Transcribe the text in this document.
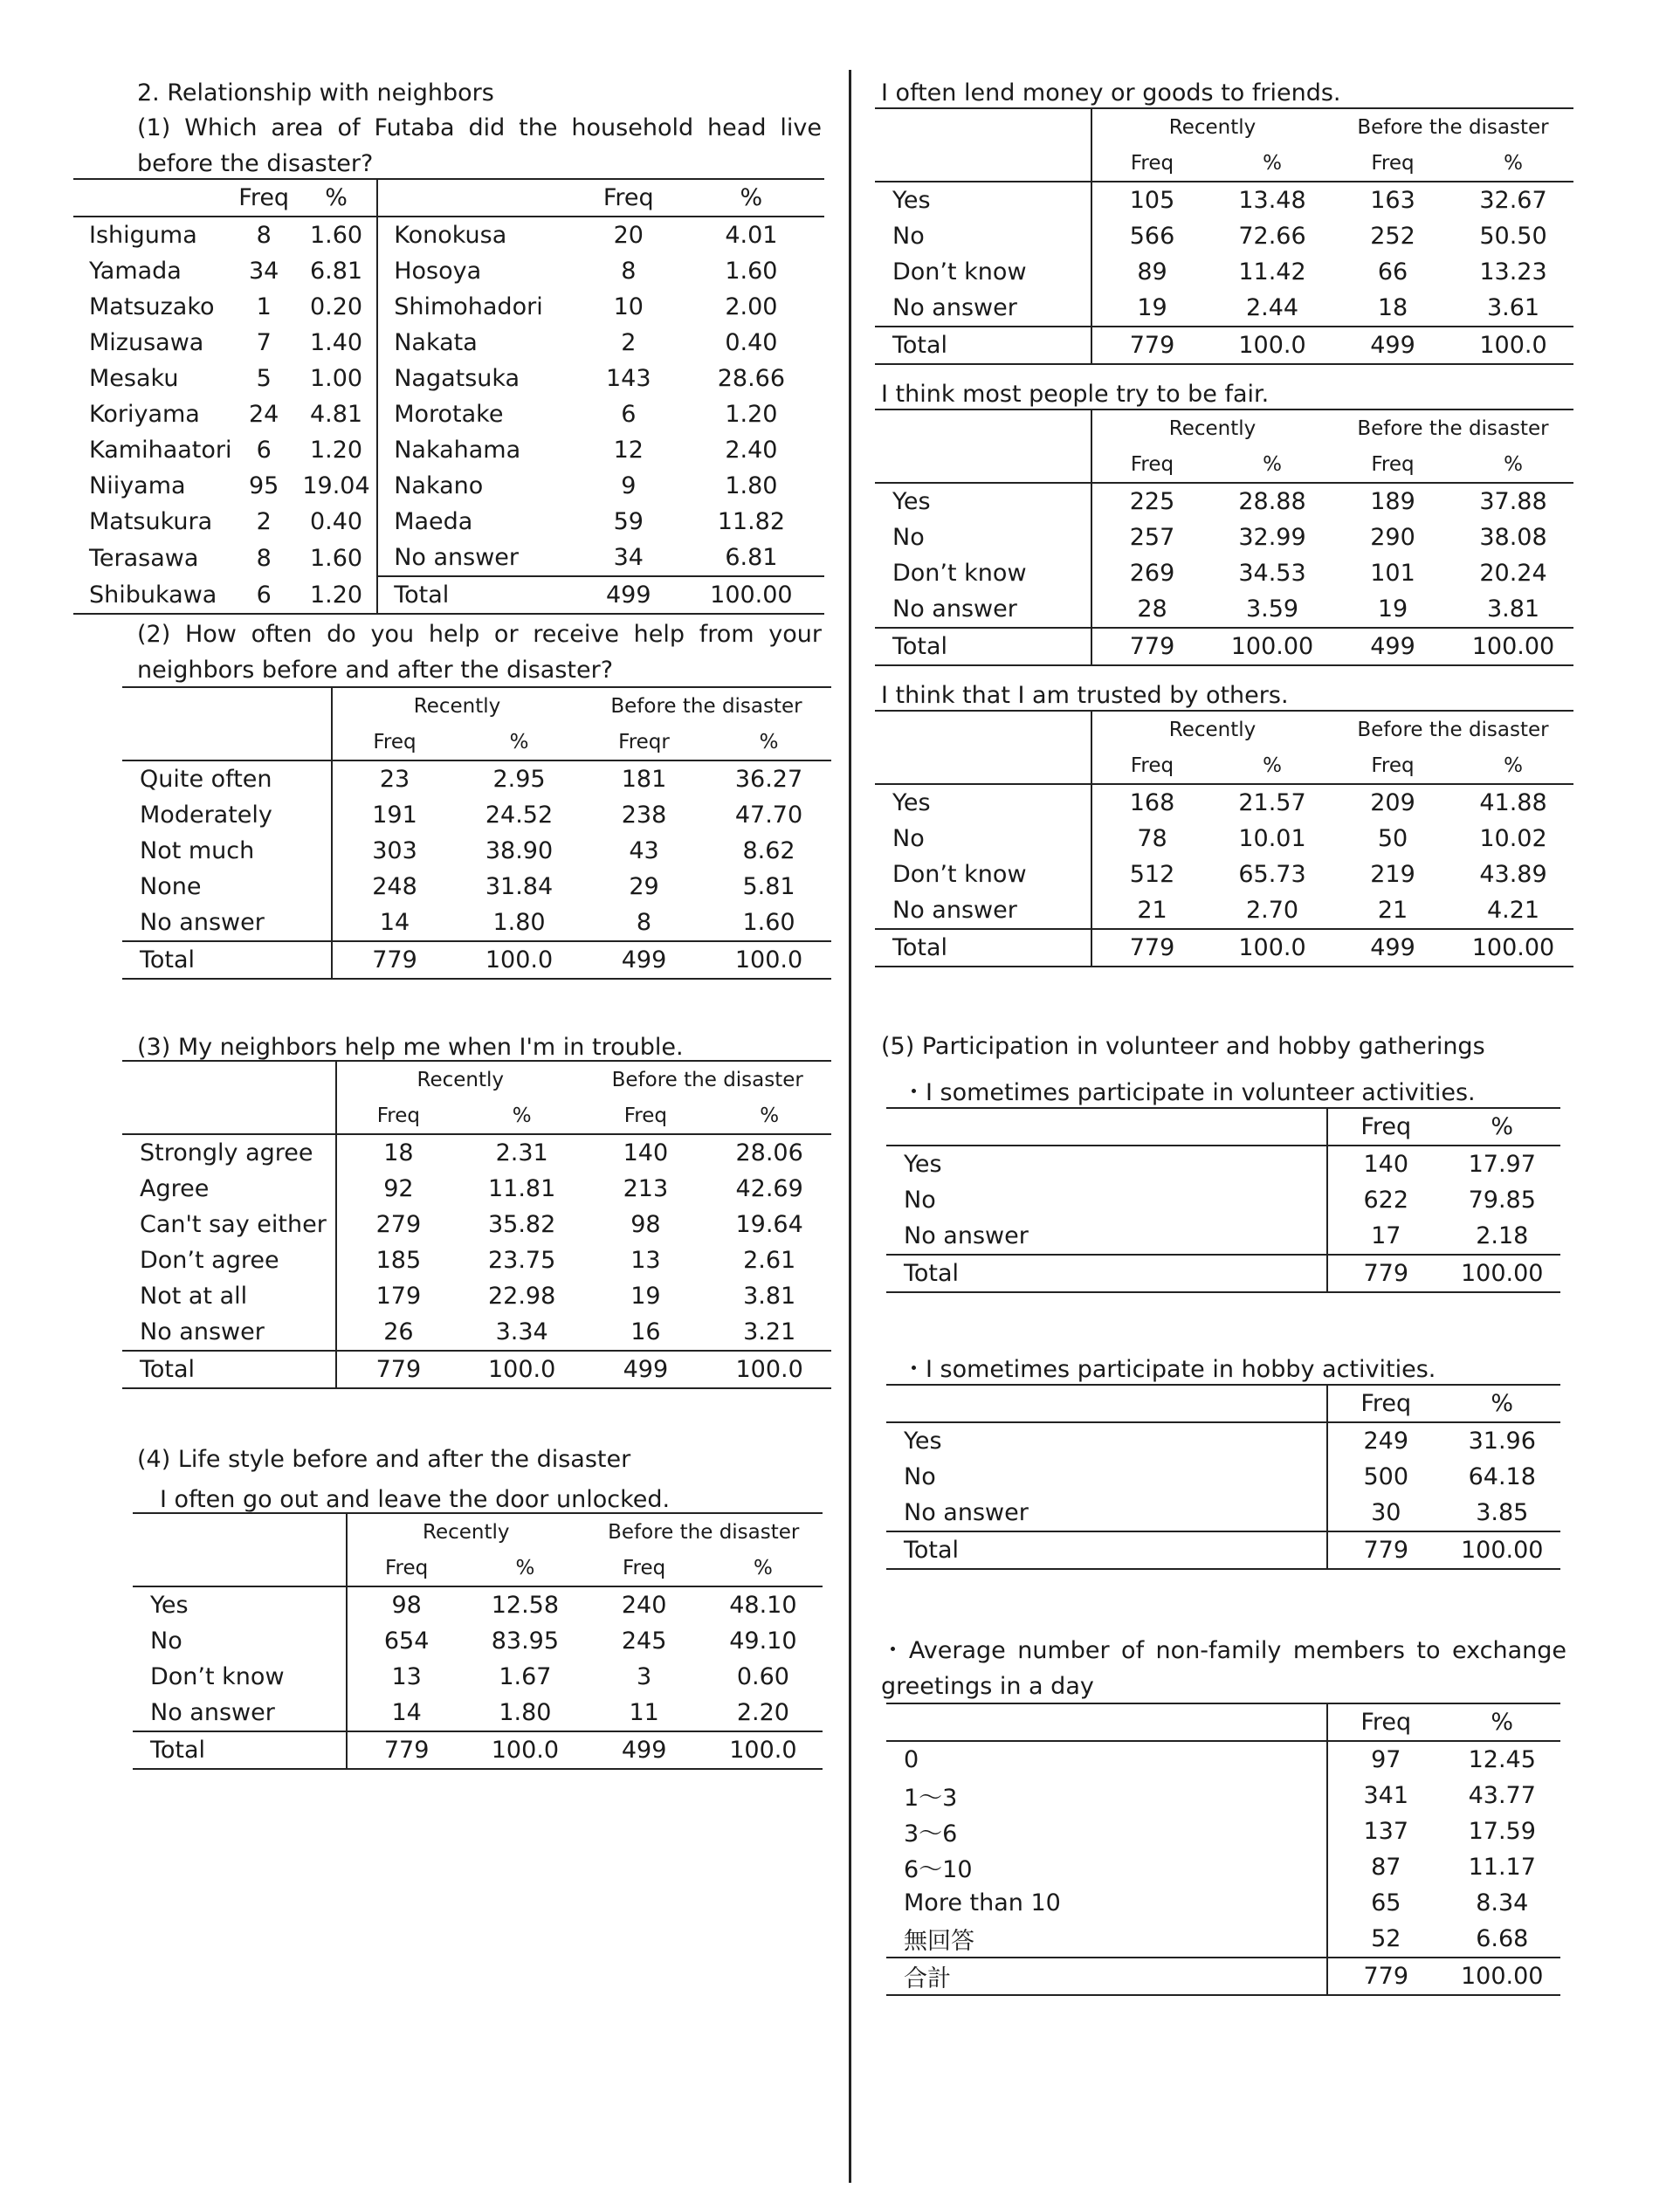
2. Relationship with neighbors
(1) Which area of Futaba did the household head live before the disaster?
	Freq	%		Freq	%
Ishiguma	8	1.60	Konokusa	20	4.01
Yamada	34	6.81	Hosoya	8	1.60
Matsuzako	1	0.20	Shimohadori	10	2.00
Mizusawa	7	1.40	Nakata	2	0.40
Mesaku	5	1.00	Nagatsuka	143	28.66
Koriyama	24	4.81	Morotake	6	1.20
Kamihaatori	6	1.20	Nakahama	12	2.40
Niiyama	95	19.04	Nakano	9	1.80
Matsukura	2	0.40	Maeda	59	11.82
Terasawa	8	1.60	No answer	34	6.81
Shibukawa	6	1.20	Total	499	100.00
(2) How often do you help or receive help from your neighbors before and after the disaster?
	Recently		Before the disaster	
	Freq	%	Freqr	%
Quite often	23	2.95	181	36.27
Moderately	191	24.52	238	47.70
Not much	303	38.90	43	8.62
None	248	31.84	29	5.81
No answer	14	1.80	8	1.60
Total	779	100.0	499	100.0
(3) My neighbors help me when I'm in trouble.
	Recently		Before the disaster	
	Freq	%	Freq	%
Strongly agree	18	2.31	140	28.06
Agree	92	11.81	213	42.69
Can't say either	279	35.82	98	19.64
Don’t agree	185	23.75	13	2.61
Not at all	179	22.98	19	3.81
No answer	26	3.34	16	3.21
Total	779	100.0	499	100.0
(4) Life style before and after the disaster
I often go out and leave the door unlocked.
	Recently		Before the disaster	
	Freq	%	Freq	%
Yes	98	12.58	240	48.10
No	654	83.95	245	49.10
Don’t know	13	1.67	3	0.60
No answer	14	1.80	11	2.20
Total	779	100.0	499	100.0
I often lend money or goods to friends.
	Recently		Before the disaster	
	Freq	%	Freq	%
Yes	105	13.48	163	32.67
No	566	72.66	252	50.50
Don’t know	89	11.42	66	13.23
No answer	19	2.44	18	3.61
Total	779	100.0	499	100.0
I think most people try to be fair.
	Recently		Before the disaster	
	Freq	%	Freq	%
Yes	225	28.88	189	37.88
No	257	32.99	290	38.08
Don’t know	269	34.53	101	20.24
No answer	28	3.59	19	3.81
Total	779	100.00	499	100.00
I think that I am trusted by others.
	Recently		Before the disaster	
	Freq	%	Freq	%
Yes	168	21.57	209	41.88
No	78	10.01	50	10.02
Don’t know	512	65.73	219	43.89
No answer	21	2.70	21	4.21
Total	779	100.0	499	100.00
(5) Participation in volunteer and hobby gatherings
・I sometimes participate in volunteer activities.
	Freq	%
Yes	140	17.97
No	622	79.85
No answer	17	2.18
Total	779	100.00
・I sometimes participate in hobby activities.
	Freq	%
Yes	249	31.96
No	500	64.18
No answer	30	3.85
Total	779	100.00
・Average number of non-family members to exchange greetings in a day
	Freq	%
0	97	12.45
1～3	341	43.77
3～6	137	17.59
6～10	87	11.17
More than 10	65	8.34
無回答	52	6.68
合計	779	100.00
